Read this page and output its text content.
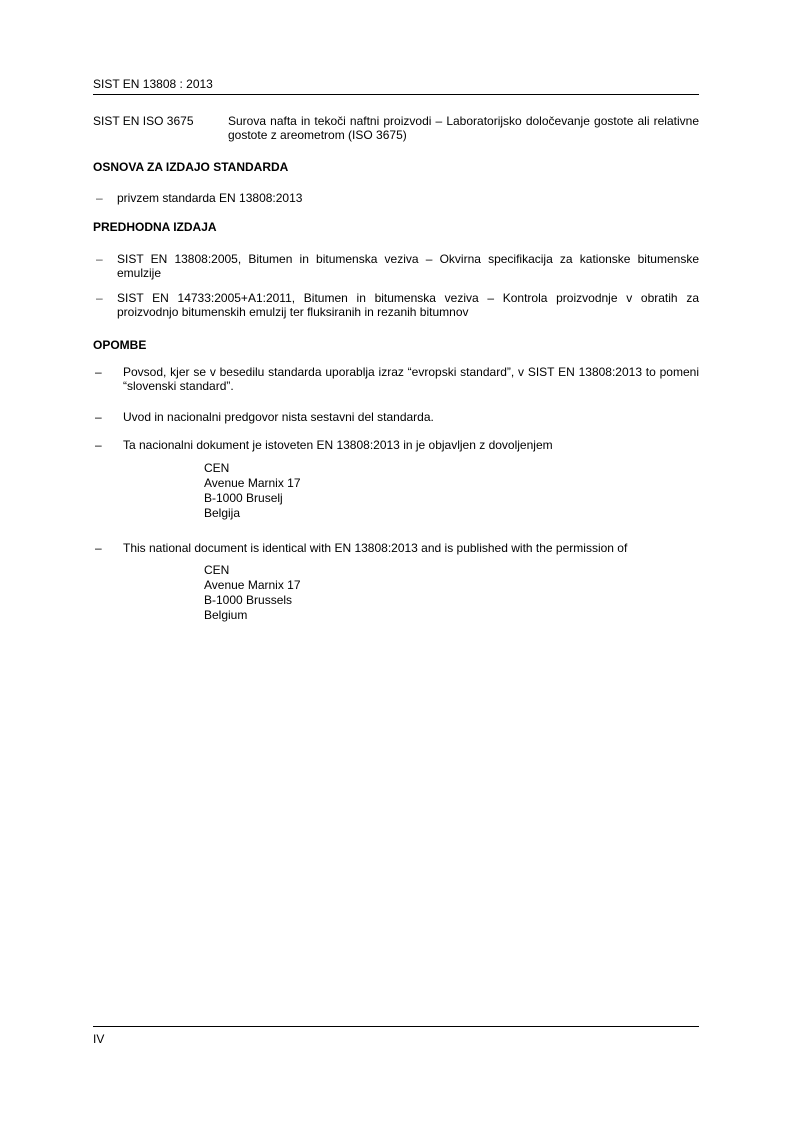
SIST EN 13808 : 2013
SIST EN ISO 3675	Surova nafta in tekoči naftni proizvodi – Laboratorijsko določevanje gostote ali relativne gostote z areometrom (ISO 3675)
OSNOVA ZA IZDAJO STANDARDA
–	privzem standarda EN 13808:2013
PREDHODNA IZDAJA
–	SIST EN 13808:2005, Bitumen in bitumenska veziva – Okvirna specifikacija za kationske bitumenske emulzije
–	SIST EN 14733:2005+A1:2011, Bitumen in bitumenska veziva – Kontrola proizvodnje v obratih za proizvodnjo bitumenskih emulzij ter fluksiranih in rezanih bitumnov
OPOMBE
–	Povsod, kjer se v besedilu standarda uporablja izraz “evropski standard”, v SIST EN 13808:2013 to pomeni “slovenski standard”.
–	Uvod in nacionalni predgovor nista sestavni del standarda.
–	Ta nacionalni dokument je istoveten EN 13808:2013 in je objavljen z dovoljenjem
CEN
Avenue Marnix 17
B-1000 Bruselj
Belgija
–	This national document is identical with EN 13808:2013 and is published with the permission of
CEN
Avenue Marnix 17
B-1000 Brussels
Belgium
IV
